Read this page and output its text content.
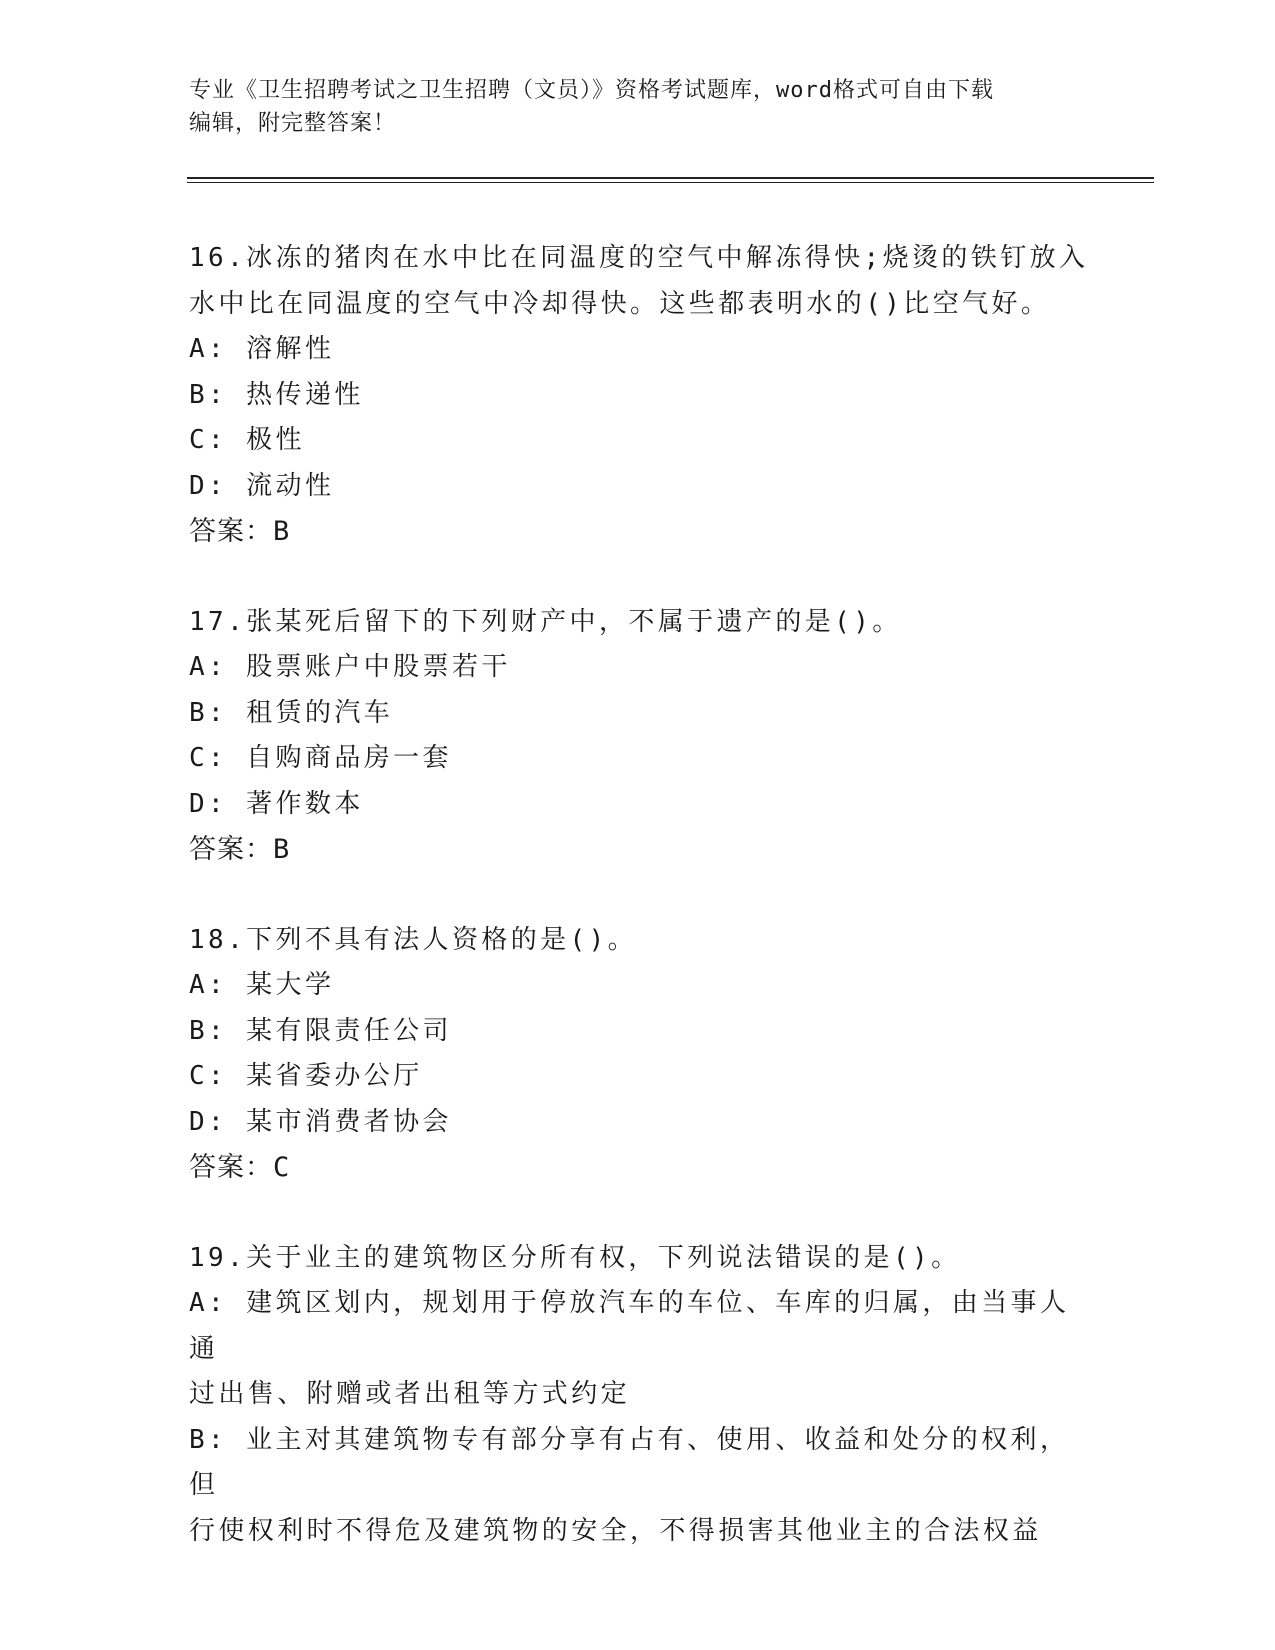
专业《卫生招聘考试之卫生招聘（文员）》资格考试题库，word格式可自由下载
编辑，附完整答案！
16.冰冻的猪肉在水中比在同温度的空气中解冻得快;烧烫的铁钉放入
水中比在同温度的空气中冷却得快。这些都表明水的()比空气好。
A: 溶解性
B: 热传递性
C: 极性
D: 流动性
答案：B
17.张某死后留下的下列财产中，不属于遗产的是()。
A: 股票账户中股票若干
B: 租赁的汽车
C: 自购商品房一套
D: 著作数本
答案：B
18.下列不具有法人资格的是()。
A: 某大学
B: 某有限责任公司
C: 某省委办公厅
D: 某市消费者协会
答案：C
19.关于业主的建筑物区分所有权，下列说法错误的是()。
A: 建筑区划内，规划用于停放汽车的车位、车库的归属，由当事人通
过出售、附赠或者出租等方式约定
B: 业主对其建筑物专有部分享有占有、使用、收益和处分的权利，但
行使权利时不得危及建筑物的安全，不得损害其他业主的合法权益
